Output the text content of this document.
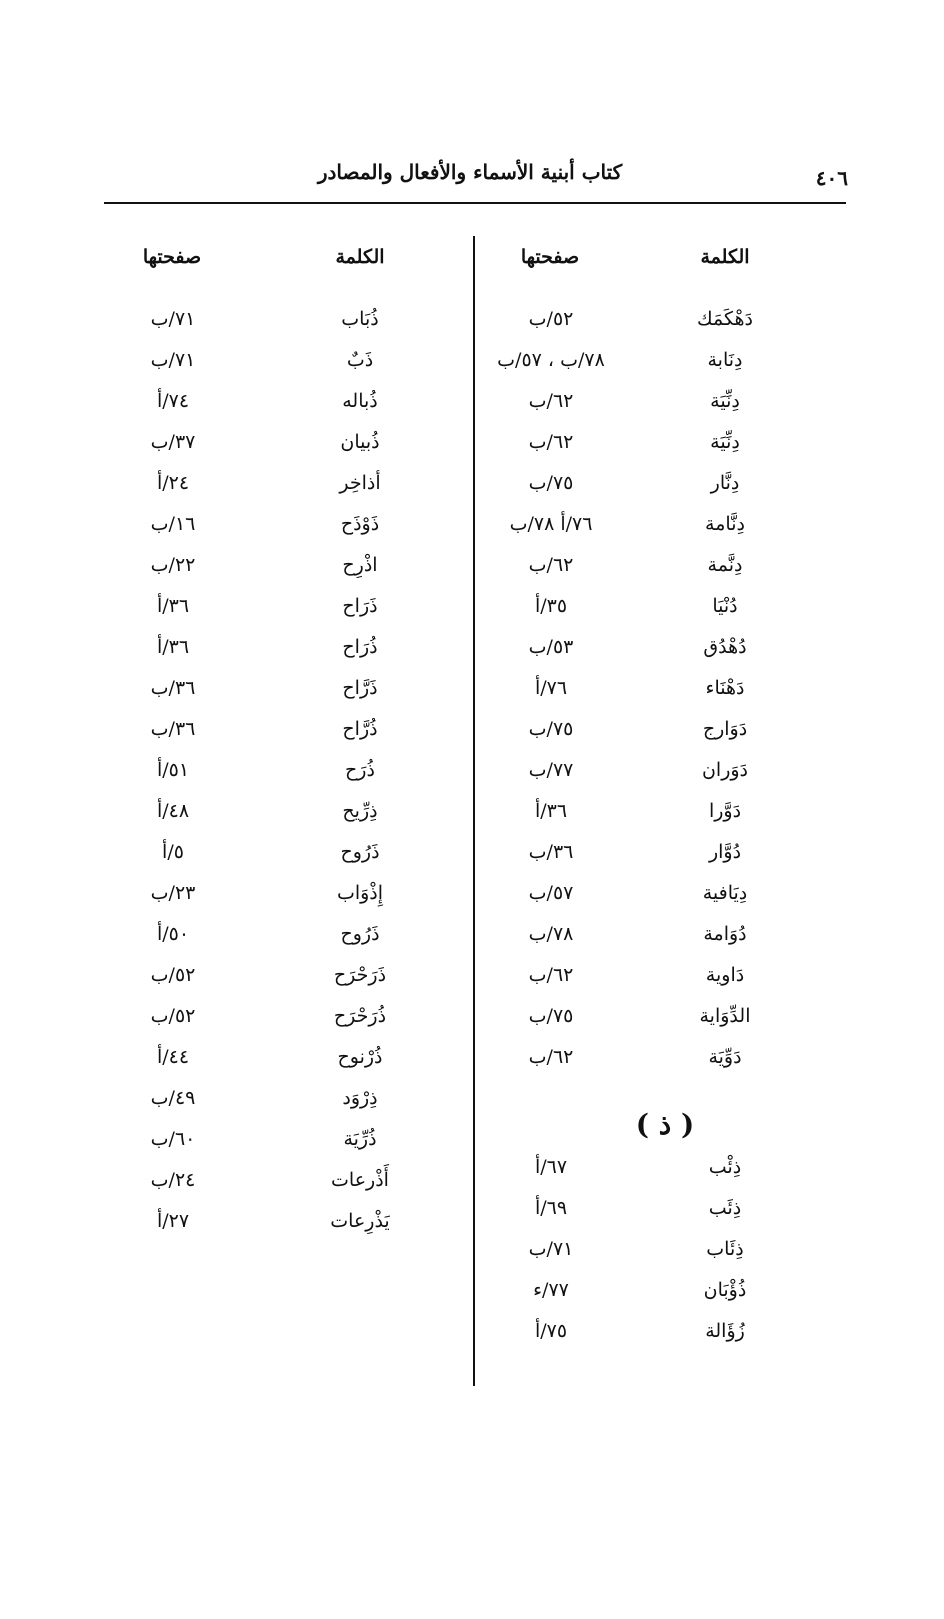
٤٠٦
كتاب أبنية الأسماء والأفعال والمصادر
الكلمة
صفحتها
الكلمة
صفحتها
دَهْكَمَك
٥٢/ب
دِنَابة
٧٨/ب ، ٥٧/ب
دِنِّيَة
٦٢/ب
دِنِّيَة
٦٢/ب
دِنَّار
٧٥/ب
دِنَّامة
٧٦/أ ٧٨/ب
دِنَّمة
٦٢/ب
دُنْيَا
٣٥/أ
دُهْدُق
٥٣/ب
دَهْنَاء
٧٦/أ
دَوَارج
٧٥/ب
دَوَران
٧٧/ب
دَوَّرا
٣٦/أ
دُوَّار
٣٦/ب
دِيَافية
٥٧/ب
دُوَامة
٧٨/ب
دَاوية
٦٢/ب
الدِّوَاية
٧٥/ب
دَوِّيَة
٦٢/ب
( ذ )
ذِئْب
٦٧/أ
ذِئَب
٦٩/أ
ذِئَاب
٧١/ب
ذُؤْبَان
٧٧/ء
زُؤَالة
٧٥/أ
ذُبَاب
٧١/ب
ذَبٌ
٧١/ب
ذُباله
٧٤/أ
ذُبيان
٣٧/ب
أذاخِر
٢٤/أ
ذَوْذَح
١٦/ب
اذْرِح
٢٢/ب
ذَرَاح
٣٦/أ
ذُرَاح
٣٦/أ
ذَرَّاح
٣٦/ب
ذُرَّاح
٣٦/ب
ذُرَح
٥١/أ
ذِرِّيح
٤٨/أ
ذَرُوح
٥/أ
إِذْوَاب
٢٣/ب
ذَرُوح
٥٠/أ
ذَرَحْرَح
٥٢/ب
ذُرَحْرَح
٥٢/ب
ذُرْنوح
٤٤/أ
ذِرْوَد
٤٩/ب
ذُرِّيَة
٦٠/ب
أَذْرعات
٢٤/ب
يَذْرِعات
٢٧/أ
